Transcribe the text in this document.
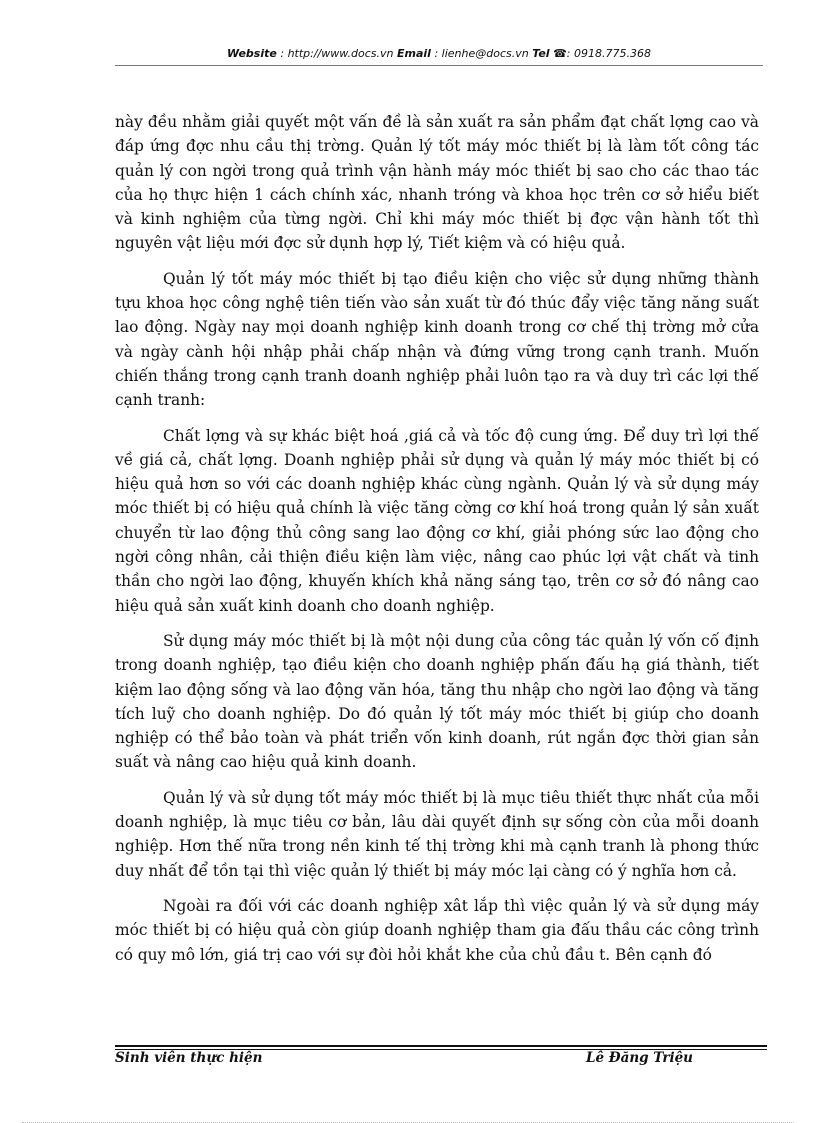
Website : http://www.docs.vn Email : lienhe@docs.vn Tel ☎: 0918.775.368

này đều nhằm giải quyết một vấn đề là sản xuất ra sản phẩm đạt chất lợng cao và đáp ứng đợc nhu cầu thị trờng. Quản lý tốt máy móc thiết bị là làm tốt công tác quản lý con ngời trong quả trình vận hành máy móc thiết bị sao cho các thao tác của họ thực hiện 1 cách chính xác, nhanh tróng và khoa học trên cơ sở hiểu biết và kinh nghiệm của từng ngời. Chỉ khi máy móc thiết bị đợc vận hành tốt thì nguyên vật liệu mới đợc sử dụnh hợp lý, Tiết kiệm và có hiệu quả.

Quản lý tốt máy móc thiết bị tạo điều kiện cho việc sử dụng những thành tựu khoa học công nghệ tiên tiến vào sản xuất từ đó thúc đẩy việc tăng năng suất lao động. Ngày nay mọi doanh nghiệp kinh doanh trong cơ chế thị trờng mở cửa và ngày cành hội nhập phải chấp nhận và đứng vững trong cạnh tranh. Muốn chiến thắng trong cạnh tranh doanh nghiệp phải luôn tạo ra và duy trì các lợi thế cạnh tranh:

Chất lợng và sự khác biệt hoá ,giá cả và tốc độ cung ứng. Để duy trì lợi thế về giá cả, chất lợng. Doanh nghiệp phải sử dụng và quản lý máy móc thiết bị có hiệu quả hơn so với các doanh nghiệp khác cùng ngành. Quản lý và sử dụng máy móc thiết bị có hiệu quả chính là việc tăng cờng cơ khí hoá trong quản lý sản xuất chuyển từ lao động thủ công sang lao động cơ khí, giải phóng sức lao động cho ngời công nhân, cải thiện điều kiện làm việc, nâng cao phúc lợi vật chất và tinh thần cho ngời lao động, khuyến khích khả năng sáng tạo, trên cơ sở đó nâng cao hiệu quả sản xuất kinh doanh cho doanh nghiệp.

Sử dụng máy móc thiết bị là một nội dung của công tác quản lý vốn cố định trong doanh nghiệp, tạo điều kiện cho doanh nghiệp phấn đấu hạ giá thành, tiết kiệm lao động sống và lao động văn hóa, tăng thu nhập cho ngời lao động và tăng tích luỹ cho doanh nghiệp. Do đó quản lý tốt máy móc thiết bị giúp cho doanh nghiệp có thể bảo toàn và phát triển vốn kinh doanh, rút ngắn đợc thời gian sản suất và nâng cao hiệu quả kinh doanh.

Quản lý và sử dụng tốt máy móc thiết bị là mục tiêu thiết thực nhất của mỗi doanh nghiệp, là mục tiêu cơ bản, lâu dài quyết định sự sống còn của mỗi doanh nghiệp. Hơn thế nữa trong nền kinh tế thị trờng khi mà cạnh tranh là phong thức duy nhất để tồn tại thì việc quản lý thiết bị máy móc lại càng có ý nghĩa hơn cả.

Ngoài ra đối với các doanh nghiệp xât lắp thì việc quản lý và sử dụng máy móc thiết bị có hiệu quả còn giúp doanh nghiệp tham gia đấu thầu các công trình có quy mô lớn, giá trị cao với sự đòi hỏi khắt khe của chủ đầu t. Bên cạnh đó

Sinh viên thực hiện	Lê Đăng Triệu
